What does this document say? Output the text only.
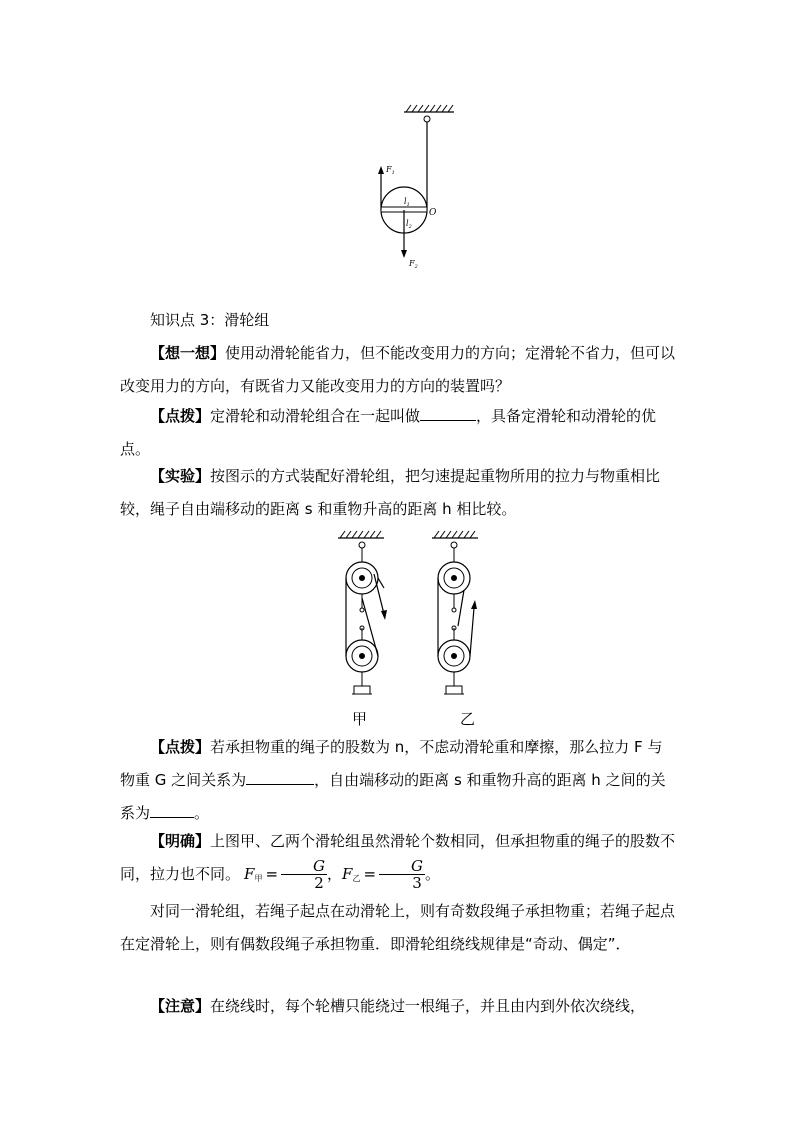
$F_1$
$l_1$
$l_2$
O
$F_2$
知识点 3：滑轮组

【想一想】使用动滑轮能省力，但不能改变用力的方向；定滑轮不省力，但可以改变用力的方向，有既省力又能改变用力的方向的装置吗？

【点拨】定滑轮和动滑轮组合在一起叫做	，具备定滑轮和动滑轮的优点。

【实验】按图示的方式装配好滑轮组，把匀速提起重物所用的拉力与物重相比较，绳子自由端移动的距离 s 和重物升高的距离 h 相比较。

甲	乙

【点拨】若承担物重的绳子的股数为 n，不虑动滑轮重和摩擦，那么拉力 F 与物重 G 之间关系为	，自由端移动的距离 s 和重物升高的距离 h 之间的关系为	。

【明确】上图甲、乙两个滑轮组虽然滑轮个数相同，但承担物重的绳子的股数不同，拉力也不同。 $F_甲 = \frac{G}{2}$ ，$F_乙 = \frac{G}{3}$ 。

对同一滑轮组，若绳子起点在动滑轮上，则有奇数段绳子承担物重；若绳子起点在定滑轮上，则有偶数段绳子承担物重．即滑轮组绕线规律是“奇动、偶定”．

【注意】在绕线时，每个轮槽只能绕过一根绳子，并且由内到外依次绕线，
